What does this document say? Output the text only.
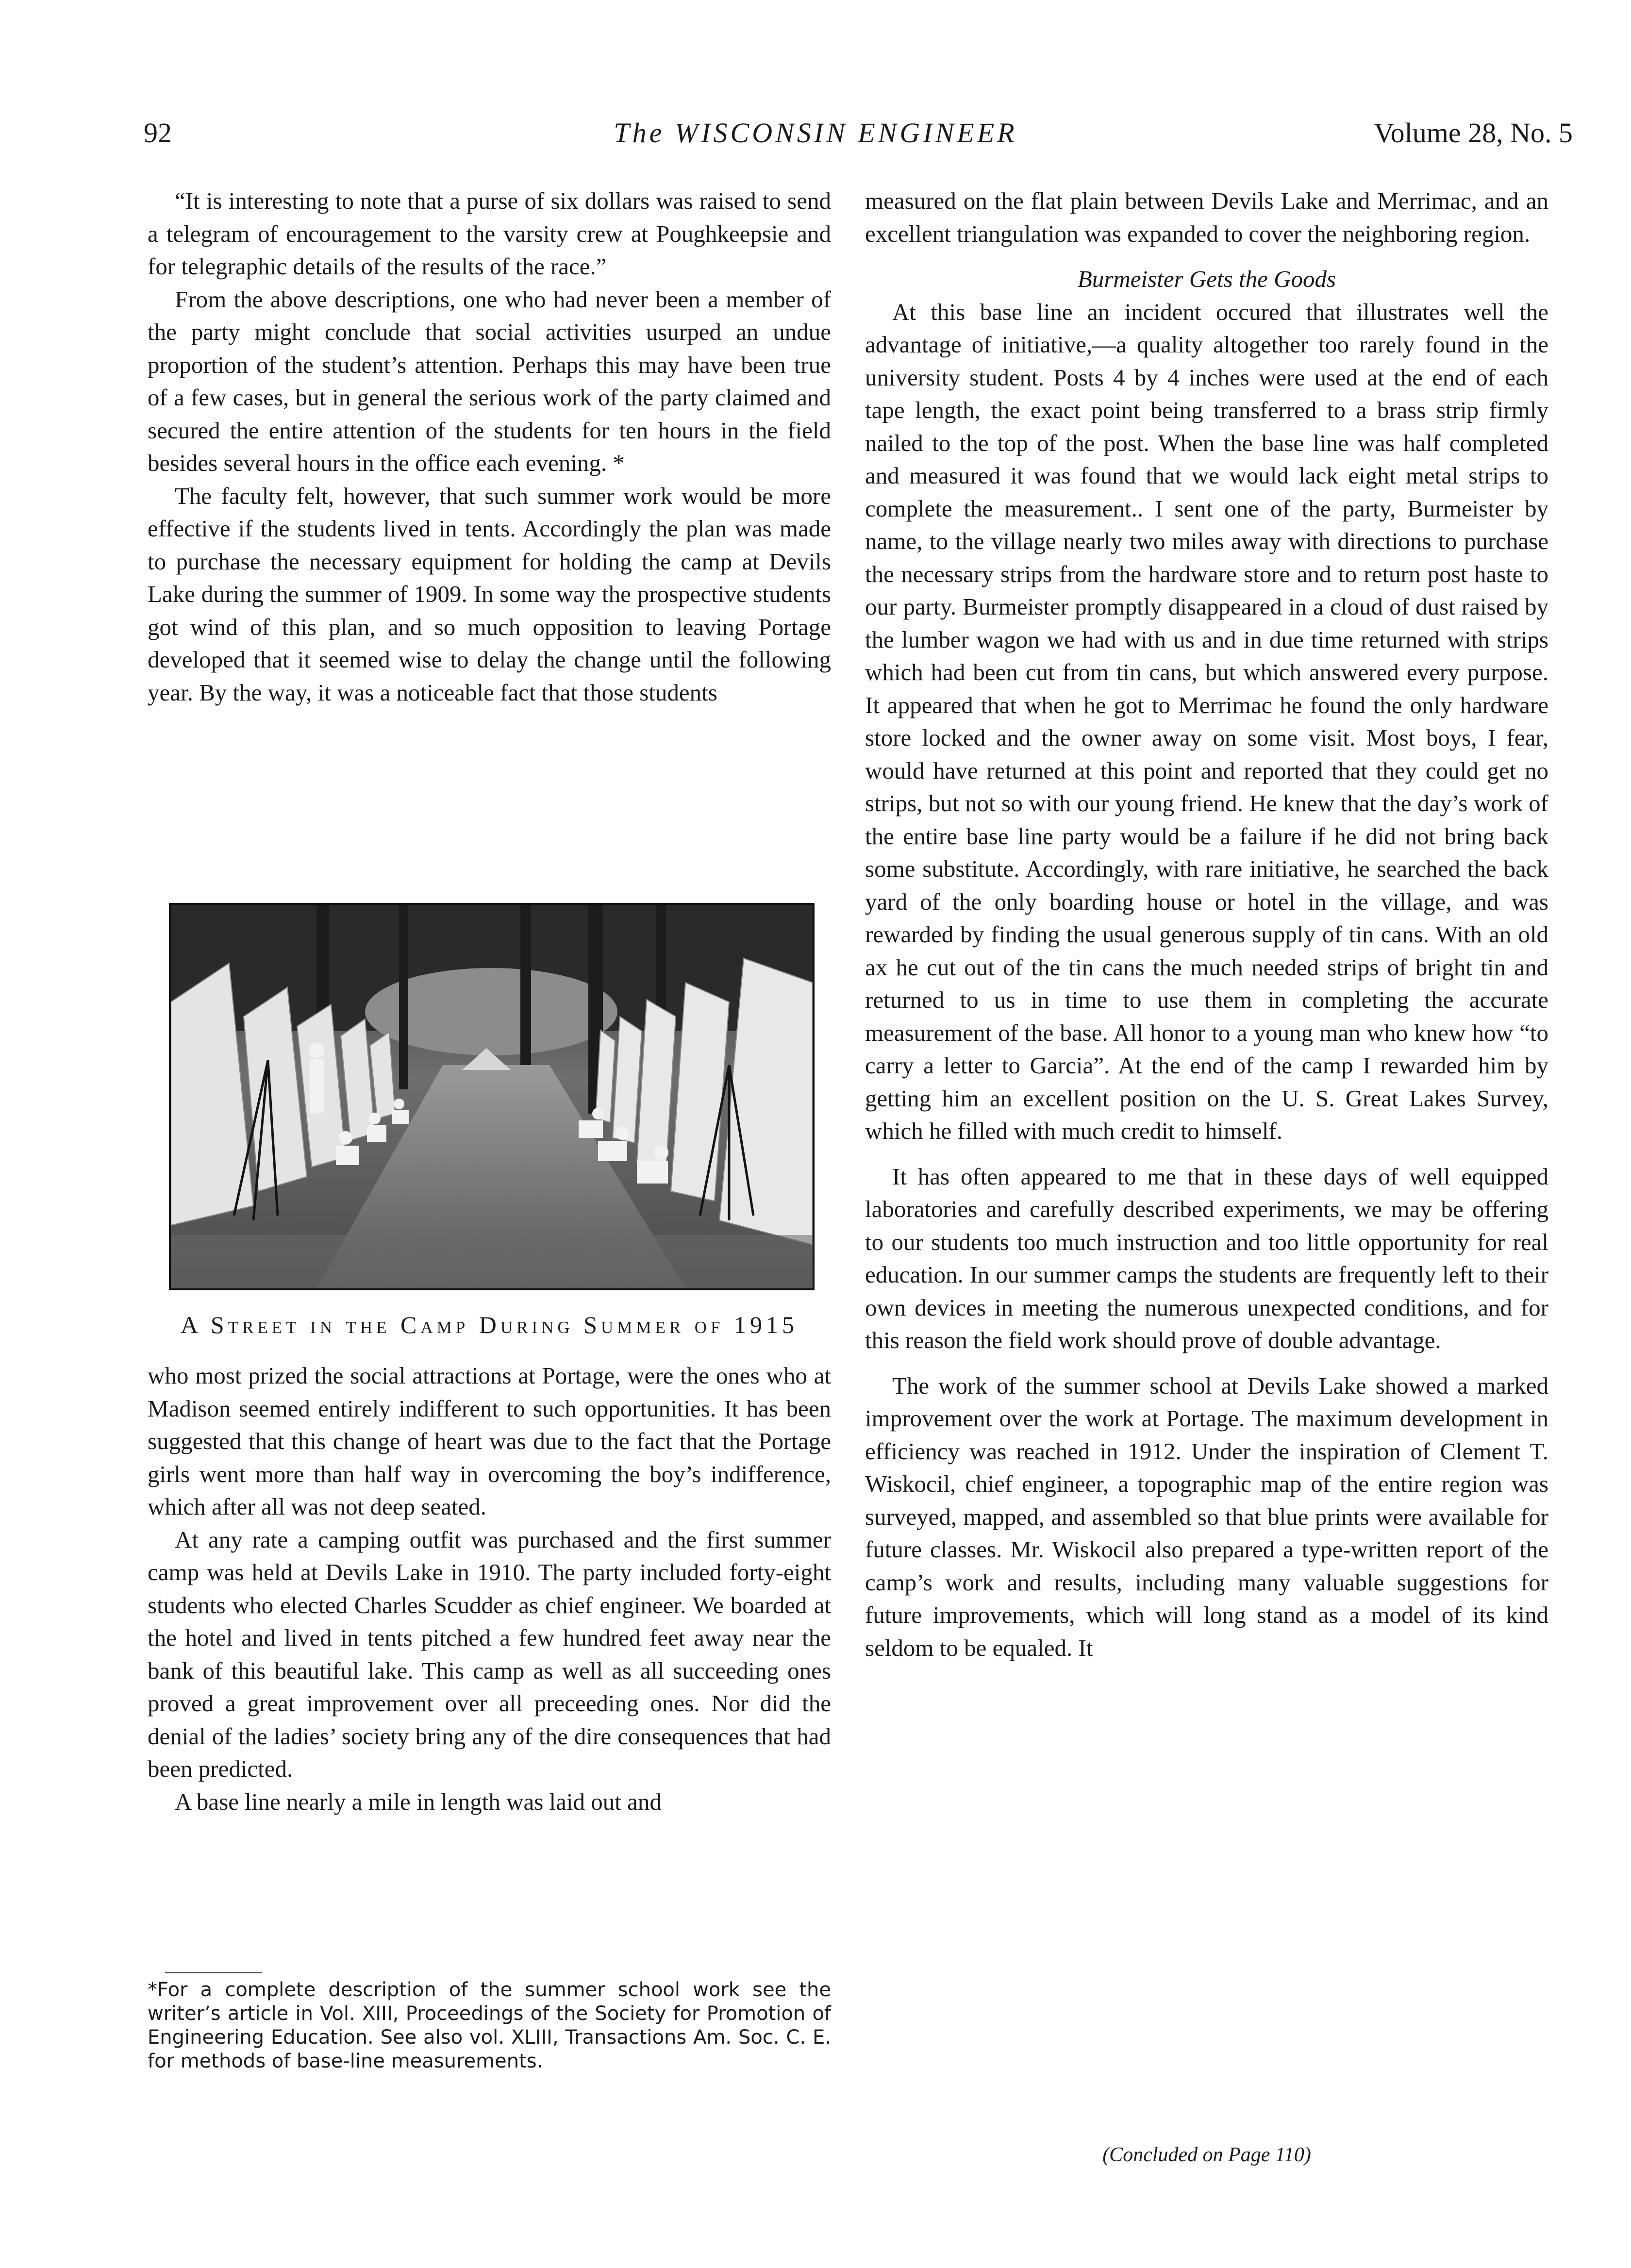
92	The WISCONSIN ENGINEER	Volume 28, No. 5

“It is interesting to note that a purse of six dollars was raised to send a telegram of encouragement to the varsity crew at Poughkeepsie and for telegraphic details of the results of the race.”

From the above descriptions, one who had never been a member of the party might conclude that social activities usurped an undue proportion of the student’s attention. Perhaps this may have been true of a few cases, but in general the serious work of the party claimed and secured the entire attention of the students for ten hours in the field besides several hours in the office each evening. *

The faculty felt, however, that such summer work would be more effective if the students lived in tents. Accordingly the plan was made to purchase the necessary equipment for holding the camp at Devils Lake during the summer of 1909. In some way the prospective students got wind of this plan, and so much opposition to leaving Portage developed that it seemed wise to delay the change until the following year. By the way, it was a noticeable fact that those students

A Street in the Camp During Summer of 1915

who most prized the social attractions at Portage, were the ones who at Madison seemed entirely indifferent to such opportunities. It has been suggested that this change of heart was due to the fact that the Portage girls went more than half way in overcoming the boy’s indifference, which after all was not deep seated.

At any rate a camping outfit was purchased and the first summer camp was held at Devils Lake in 1910. The party included forty-eight students who elected Charles Scudder as chief engineer. We boarded at the hotel and lived in tents pitched a few hundred feet away near the bank of this beautiful lake. This camp as well as all succeeding ones proved a great improvement over all preceeding ones. Nor did the denial of the ladies’ society bring any of the dire consequences that had been predicted.

A base line nearly a mile in length was laid out and

*For a complete description of the summer school work see the writer’s article in Vol. XIII, Proceedings of the Society for Promotion of Engineering Education. See also vol. XLIII, Transactions Am. Soc. C. E. for methods of base-line measurements.

measured on the flat plain between Devils Lake and Merrimac, and an excellent triangulation was expanded to cover the neighboring region.

Burmeister Gets the Goods

At this base line an incident occured that illustrates well the advantage of initiative,—a quality altogether too rarely found in the university student. Posts 4 by 4 inches were used at the end of each tape length, the exact point being transferred to a brass strip firmly nailed to the top of the post. When the base line was half completed and measured it was found that we would lack eight metal strips to complete the measurement.. I sent one of the party, Burmeister by name, to the village nearly two miles away with directions to purchase the necessary strips from the hardware store and to return post haste to our party. Burmeister promptly disappeared in a cloud of dust raised by the lumber wagon we had with us and in due time returned with strips which had been cut from tin cans, but which answered every purpose. It appeared that when he got to Merrimac he found the only hardware store locked and the owner away on some visit. Most boys, I fear, would have returned at this point and reported that they could get no strips, but not so with our young friend. He knew that the day’s work of the entire base line party would be a failure if he did not bring back some substitute. Accordingly, with rare initiative, he searched the back yard of the only boarding house or hotel in the village, and was rewarded by finding the usual generous supply of tin cans. With an old ax he cut out of the tin cans the much needed strips of bright tin and returned to us in time to use them in completing the accurate measurement of the base. All honor to a young man who knew how “to carry a letter to Garcia”. At the end of the camp I rewarded him by getting him an excellent position on the U. S. Great Lakes Survey, which he filled with much credit to himself.

It has often appeared to me that in these days of well equipped laboratories and carefully described experiments, we may be offering to our students too much instruction and too little opportunity for real education. In our summer camps the students are frequently left to their own devices in meeting the numerous unexpected conditions, and for this reason the field work should prove of double advantage.

The work of the summer school at Devils Lake showed a marked improvement over the work at Portage. The maximum development in efficiency was reached in 1912. Under the inspiration of Clement T. Wiskocil, chief engineer, a topographic map of the entire region was surveyed, mapped, and assembled so that blue prints were available for future classes. Mr. Wiskocil also prepared a type-written report of the camp’s work and results, including many valuable suggestions for future improvements, which will long stand as a model of its kind seldom to be equaled. It

(Concluded on Page 110)
